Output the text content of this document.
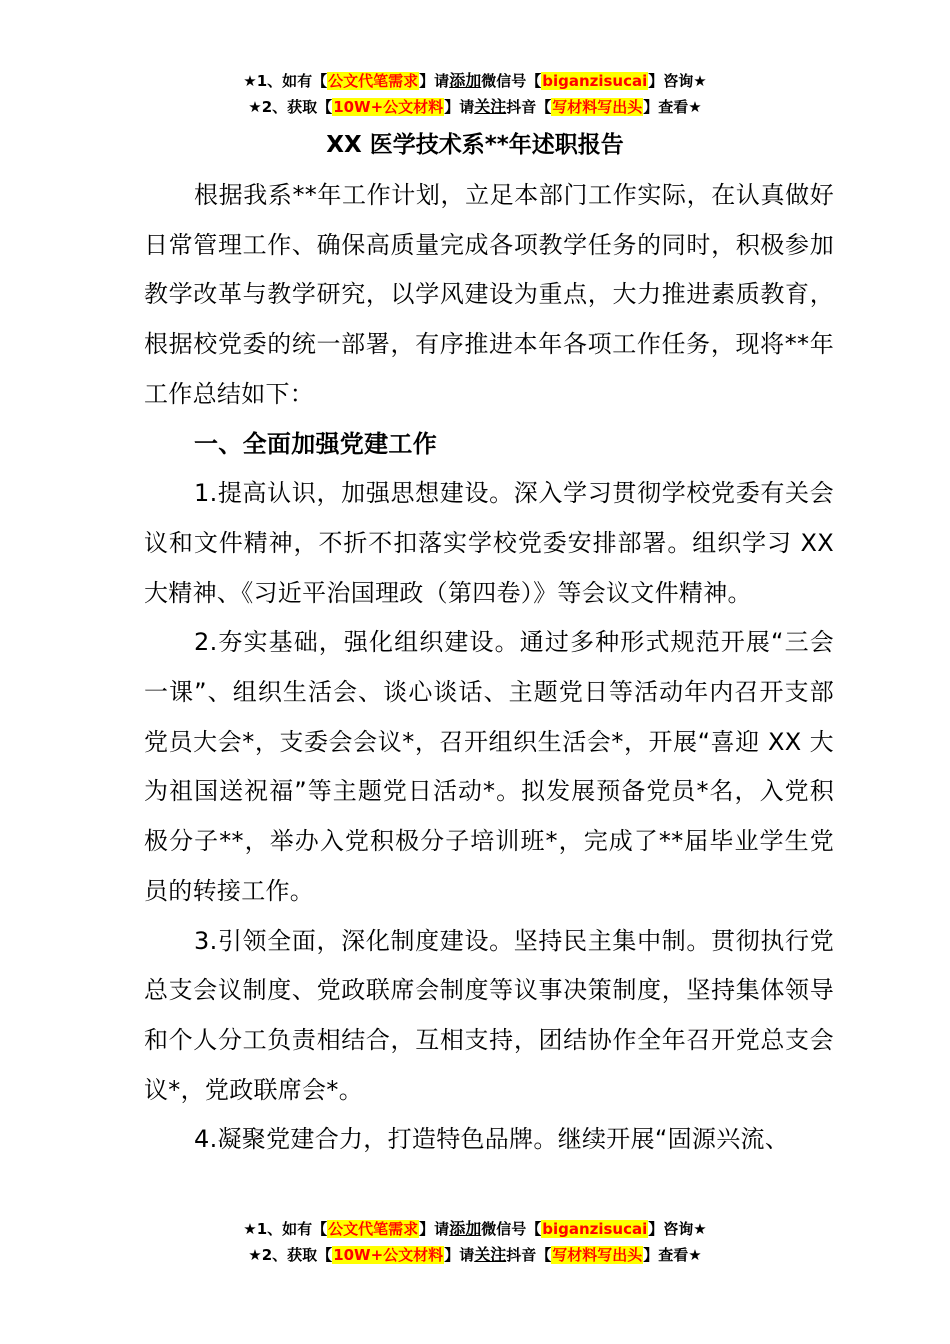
★1、如有【公文代笔需求】请添加微信号【biganzisucai】咨询★
★2、获取【10W+公文材料】请关注抖音【写材料写出头】查看★
XX 医学技术系**年述职报告

根据我系**年工作计划，立足本部门工作实际，在认真做好日常管理工作、确保高质量完成各项教学任务的同时，积极参加教学改革与教学研究，以学风建设为重点，大力推进素质教育，根据校党委的统一部署，有序推进本年各项工作任务，现将**年工作总结如下：

一、全面加强党建工作

1.提高认识，加强思想建设。深入学习贯彻学校党委有关会议和文件精神，不折不扣落实学校党委安排部署。组织学习 XX 大精神、《习近平治国理政（第四卷）》等会议文件精神。

2.夯实基础，强化组织建设。通过多种形式规范开展“三会一课”、组织生活会、谈心谈话、主题党日等活动年内召开支部党员大会*，支委会会议*，召开组织生活会*，开展“喜迎 XX 大为祖国送祝福”等主题党日活动*。拟发展预备党员*名，入党积极分子**，举办入党积极分子培训班*，完成了**届毕业学生党员的转接工作。

3.引领全面，深化制度建设。坚持民主集中制。贯彻执行党总支会议制度、党政联席会制度等议事决策制度，坚持集体领导和个人分工负责相结合，互相支持，团结协作全年召开党总支会议*，党政联席会*。

4.凝聚党建合力，打造特色品牌。继续开展“固源兴流、

★1、如有【公文代笔需求】请添加微信号【biganzisucai】咨询★
★2、获取【10W+公文材料】请关注抖音【写材料写出头】查看★
